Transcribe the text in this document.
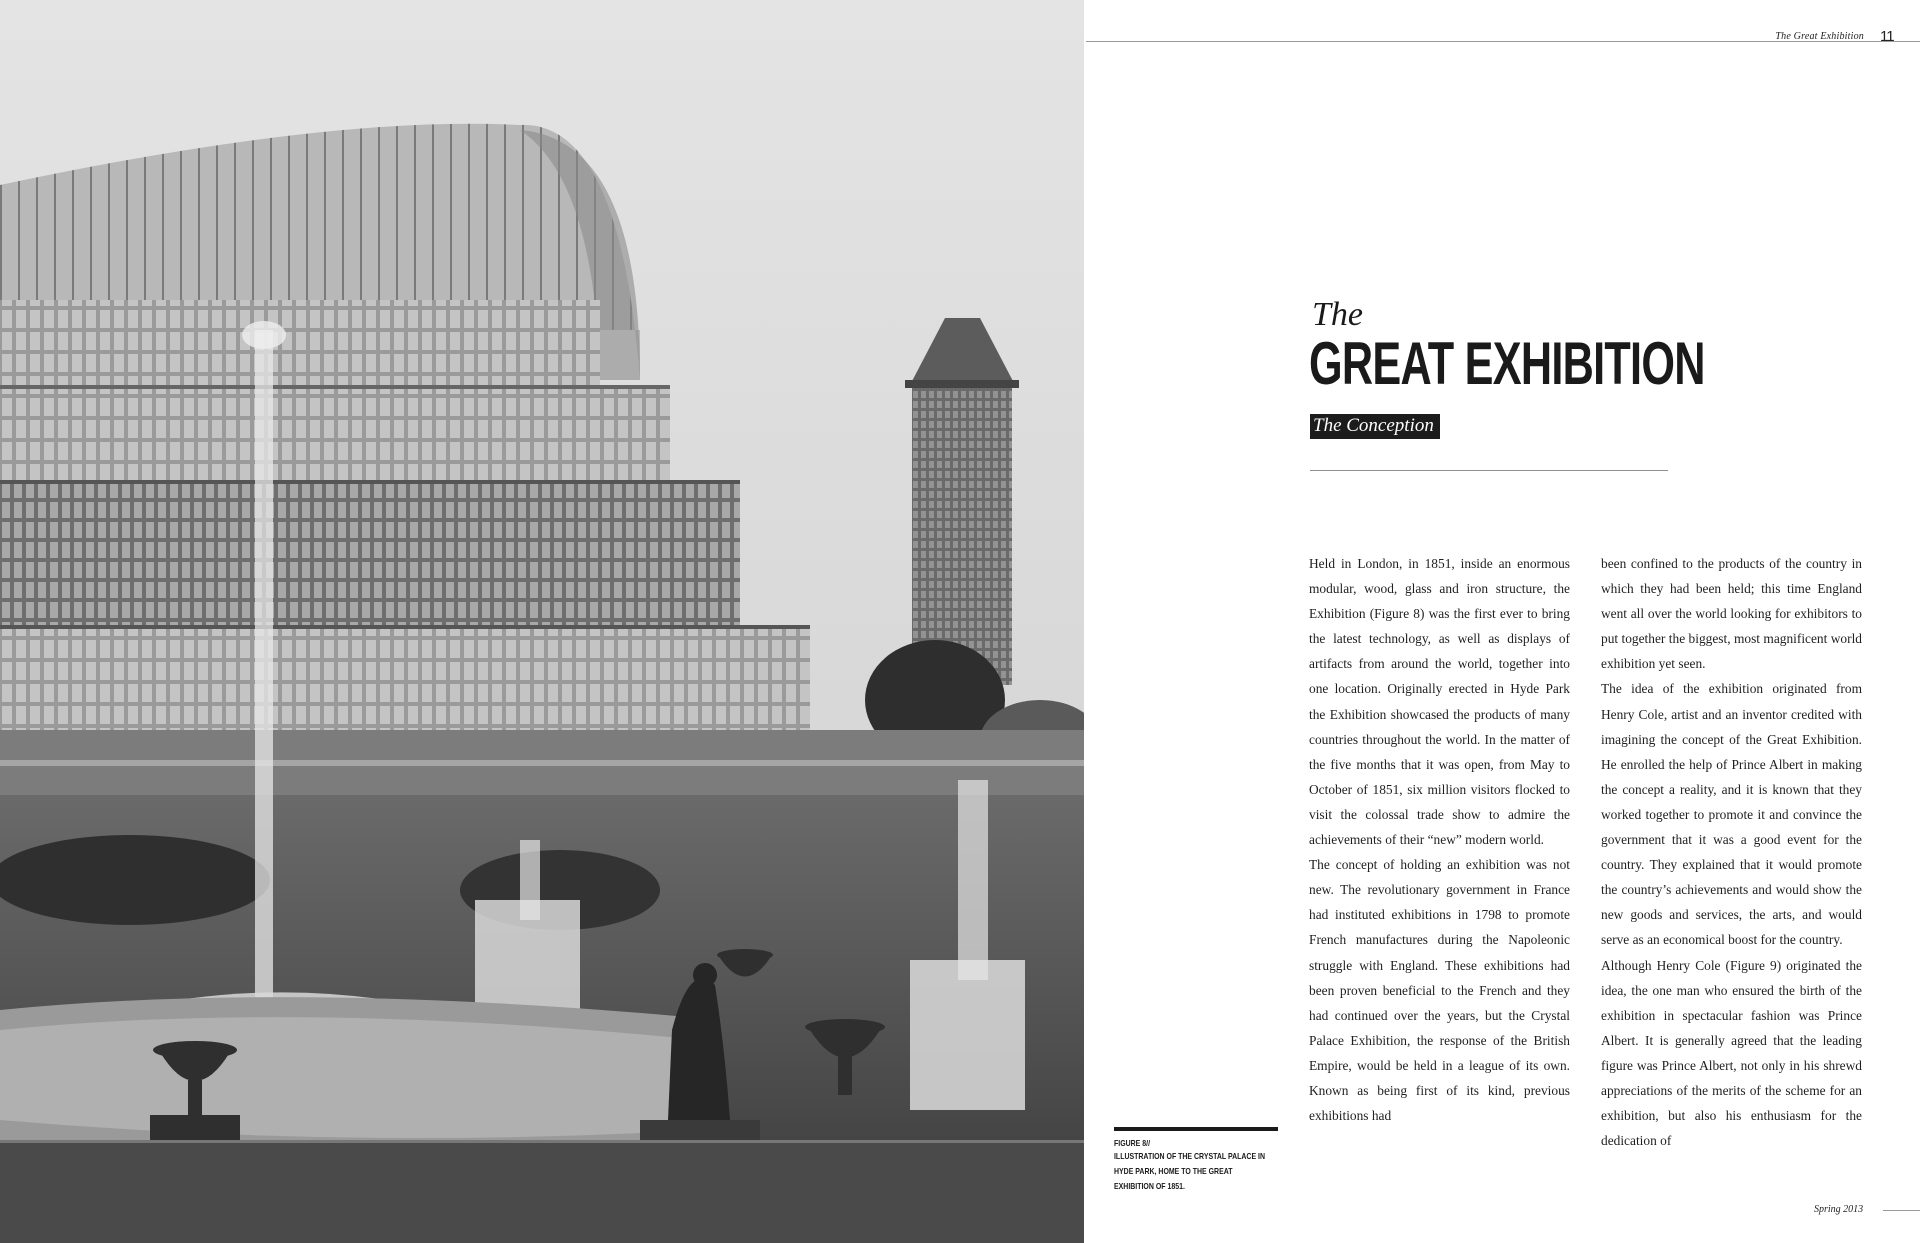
The Great Exhibition 11
The
GREAT EXHIBITION
The Conception

Held in London, in 1851, inside an enormous modular, wood, glass and iron structure, the Exhibition (Figure 8) was the first ever to bring the latest technology, as well as displays of artifacts from around the world, together into one location. Originally erected in Hyde Park the Exhibition showcased the products of many countries throughout the world. In the matter of the five months that it was open, from May to October of 1851, six million visitors flocked to visit the colossal trade show to admire the achievements of their “new” modern world.

The concept of holding an exhibition was not new. The revolutionary government in France had instituted exhibitions in 1798 to promote French manufactures during the Napoleonic struggle with England. These exhibitions had been proven beneficial to the French and they had continued over the years, but the Crystal Palace Exhibition, the response of the British Empire, would be held in a league of its own. Known as being first of its kind, previous exhibitions had

been confined to the products of the country in which they had been held; this time England went all over the world looking for exhibitors to put together the biggest, most magnificent world exhibition yet seen.

The idea of the exhibition originated from Henry Cole, artist and an inventor credited with imagining the concept of the Great Exhibition. He enrolled the help of Prince Albert in making the concept a reality, and it is known that they worked together to promote it and convince the government that it was a good event for the country. They explained that it would promote the country’s achievements and would show the new goods and services, the arts, and would serve as an economical boost for the country.

Although Henry Cole (Figure 9) originated the idea, the one man who ensured the birth of the exhibition in spectacular fashion was Prince Albert. It is generally agreed that the leading figure was Prince Albert, not only in his shrewd appreciations of the merits of the scheme for an exhibition, but also his enthusiasm for the dedication of

FIGURE 8//
ILLUSTRATION OF THE CRYSTAL PALACE IN HYDE PARK, HOME TO THE GREAT EXHIBITION OF 1851.
Spring 2013
